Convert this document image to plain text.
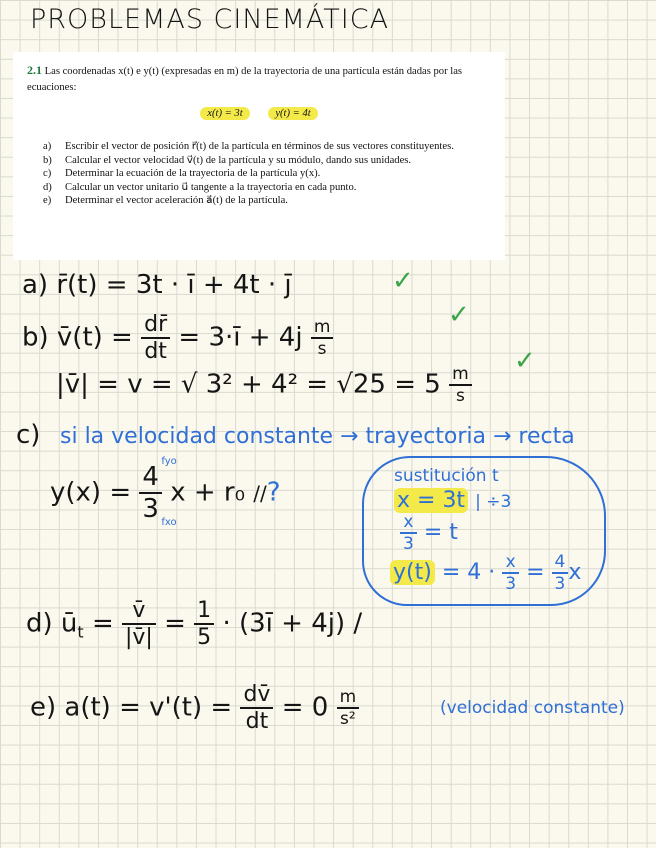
PROBLEMAS CINEMÁTICA
2.1 Las coordenadas x(t) e y(t) (expresadas en m) de la trayectoria de una partícula están dadas por las ecuaciones:
x(t) = 3t	y(t) = 4t
a) Escribir el vector de posición r⃗(t) de la partícula en términos de sus vectores constituyentes.
b) Calcular el vector velocidad v⃗(t) de la partícula y su módulo, dando sus unidades.
c) Determinar la ecuación de la trayectoria de la partícula y(x).
d) Calcular un vector unitario u⃗ tangente a la trayectoria en cada punto.
e) Determinar el vector aceleración a⃗(t) de la partícula.
a) r̄(t) = 3t · ī + 4t · j̄	✓
b) v̄(t) = $\frac{dr̄}{dt}$ = 3·ī + $4j \frac{m}{s}$
✓
|v̄| = v = √ $3^2 + 4^2 = √25 = 5 \frac{m}{s}$
✓
c) si la velocidad constante → trayectoria → recta
y(x) =
4
3
fyo
fxo
x + r₀ //?
sustitución t
x = 3t | ÷3
$\frac{x}{3} = t$
$y(t) = 4 \cdot \frac{x}{3} = \frac{4}{3}$ x
d) $ū_t = \frac{v̄}{|v̄|} = \frac{1}{5}$ · (3ī + 4j) /
e) $a(t) = v'(t) = \frac{dv̄}{dt} = 0 \frac{m}{\text{s²}}$	(velocidad constante)
